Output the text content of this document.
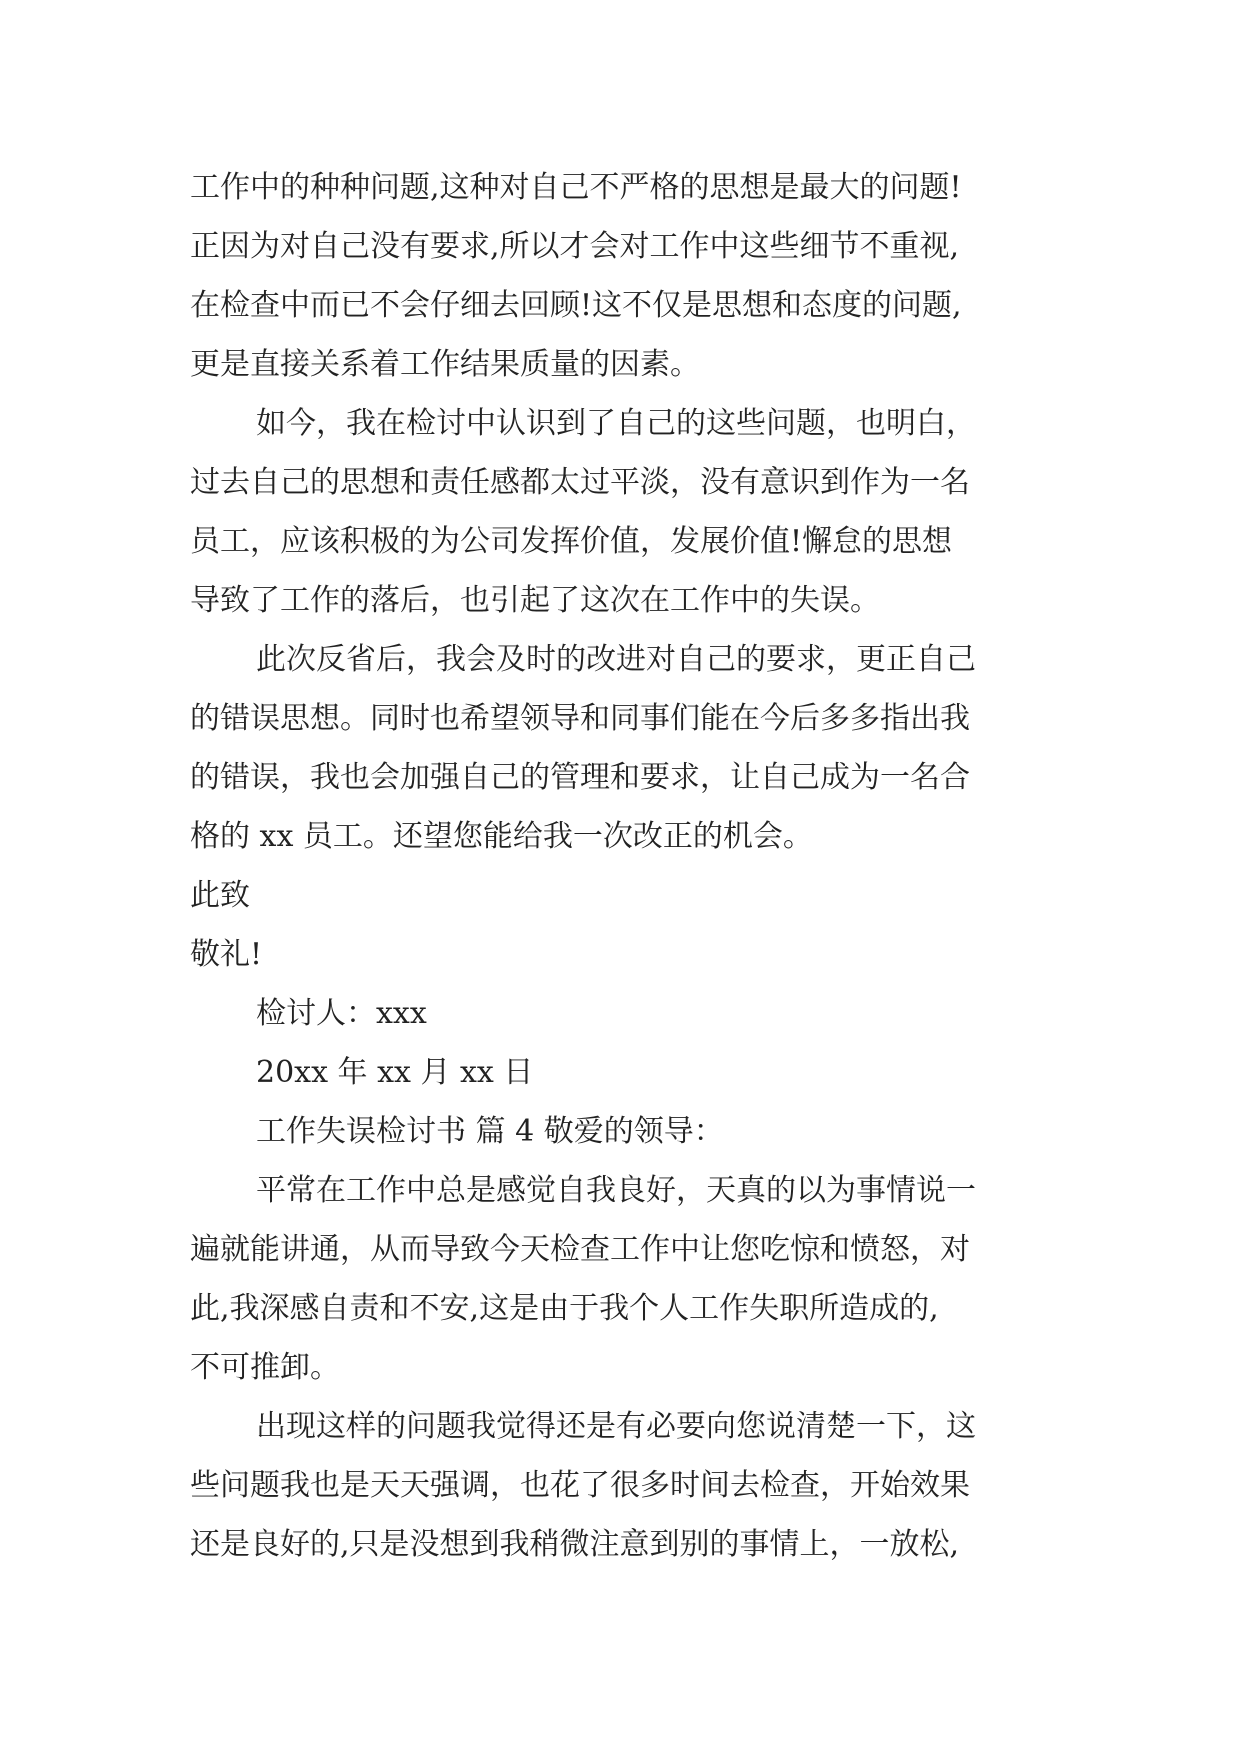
工作中的种种问题,这种对自己不严格的思想是最大的问题!
正因为对自己没有要求,所以才会对工作中这些细节不重视,
在检查中而已不会仔细去回顾!这不仅是思想和态度的问题,
更是直接关系着工作结果质量的因素。
如今，我在检讨中认识到了自己的这些问题，也明白，
过去自己的思想和责任感都太过平淡，没有意识到作为一名
员工，应该积极的为公司发挥价值，发展价值!懈怠的思想
导致了工作的落后，也引起了这次在工作中的失误。
此次反省后，我会及时的改进对自己的要求，更正自己
的错误思想。同时也希望领导和同事们能在今后多多指出我
的错误，我也会加强自己的管理和要求，让自己成为一名合
格的 xx 员工。还望您能给我一次改正的机会。
此致
敬礼!
检讨人：xxx
20xx 年 xx 月 xx 日
工作失误检讨书 篇 4 敬爱的领导：
平常在工作中总是感觉自我良好，天真的以为事情说一
遍就能讲通，从而导致今天检查工作中让您吃惊和愤怒，对
此,我深感自责和不安,这是由于我个人工作失职所造成的,
不可推卸。
出现这样的问题我觉得还是有必要向您说清楚一下，这
些问题我也是天天强调，也花了很多时间去检查，开始效果
还是良好的,只是没想到我稍微注意到别的事情上，一放松,
